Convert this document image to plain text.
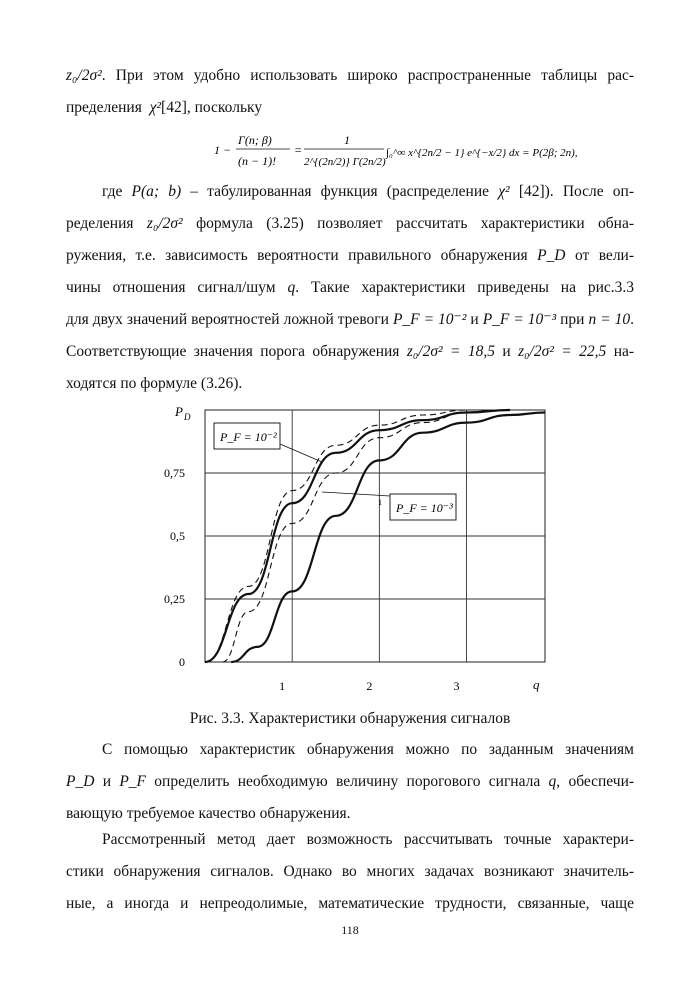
z₀/2σ². При этом удобно использовать широко распространенные таблицы рас-
пределения χ²[42], поскольку
1 −
Γ(n; β)
(n − 1)!
=
1
2^{(2n/2)} Γ(2n/2)
∫₀^∞ x^{2n/2 − 1} e^{−x/2} dx = P(2β; 2n),
где P(a; b) – табулированная функция (распределение χ² [42]). После оп-
ределения z₀/2σ² формула (3.25) позволяет рассчитать характеристики обна-
ружения, т.е. зависимость вероятности правильного обнаружения P_D от вели-
чины отношения сигнал/шум q. Такие характеристики приведены на рис.3.3
для двух значений вероятностей ложной тревоги P_F = 10⁻² и P_F = 10⁻³ при n = 10.
Соответствующие значения порога обнаружения z₀/2σ² = 18,5 и z₀/2σ² = 22,5 на-
ходятся по формуле (3.26).
0
0,25
0,5
0,75
1	2	3
P D
q
P_F = 10⁻²
P_F = 10⁻³
1
Рис. 3.3. Характеристики обнаружения сигналов
С помощью характеристик обнаружения можно по заданным значениям
P_D и P_F определить необходимую величину порогового сигнала q, обеспечи-
вающую требуемое качество обнаружения.
Рассмотренный метод дает возможность рассчитывать точные характери-
стики обнаружения сигналов. Однако во многих задачах возникают значитель-
ные, а иногда и непреодолимые, математические трудности, связанные, чаще
118
